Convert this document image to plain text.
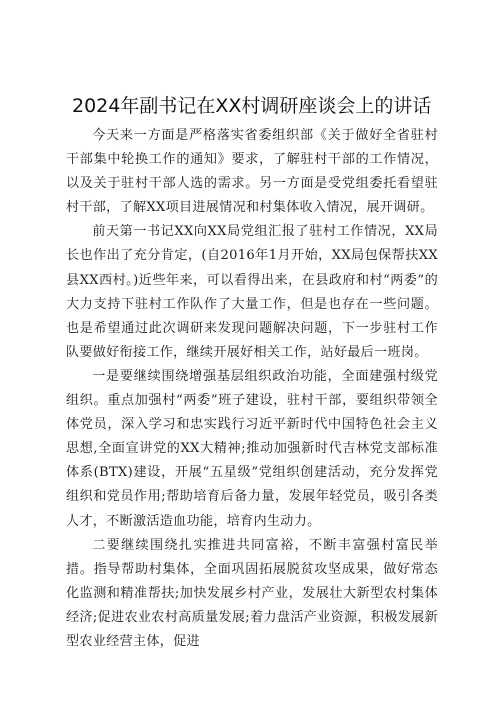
2024年副书记在XX村调研座谈会上的讲话

今天来一方面是严格落实省委组织部《关于做好全省驻村干部集中轮换工作的通知》要求，了解驻村干部的工作情况，以及关于驻村干部人选的需求。另一方面是受党组委托看望驻村干部，了解XX项目进展情况和村集体收入情况，展开调研。

前天第一书记XX向XX局党组汇报了驻村工作情况，XX局长也作出了充分肯定，(自2016年1月开始，XX局包保帮扶XX县XX西村。)近些年来，可以看得出来，在县政府和村“两委”的大力支持下驻村工作队作了大量工作，但是也存在一些问题。也是希望通过此次调研来发现问题解决问题，下一步驻村工作队要做好衔接工作，继续开展好相关工作，站好最后一班岗。

一是要继续围绕增强基层组织政治功能，全面建强村级党组织。重点加强村“两委”班子建设，驻村干部，要组织带领全体党员，深入学习和忠实践行习近平新时代中国特色社会主义思想,全面宣讲党的XX大精神;推动加强新时代吉林党支部标准体系(BTX)建设，开展“五星级”党组织创建活动，充分发挥党组织和党员作用;帮助培育后备力量，发展年轻党员，吸引各类人才，不断激活造血功能，培育内生动力。

二要继续围绕扎实推进共同富裕，不断丰富强村富民举措。指导帮助村集体，全面巩固拓展脱贫攻坚成果，做好常态化监测和精准帮扶;加快发展乡村产业，发展壮大新型农村集体经济;促进农业农村高质量发展;着力盘活产业资源，积极发展新型农业经营主体，促进
